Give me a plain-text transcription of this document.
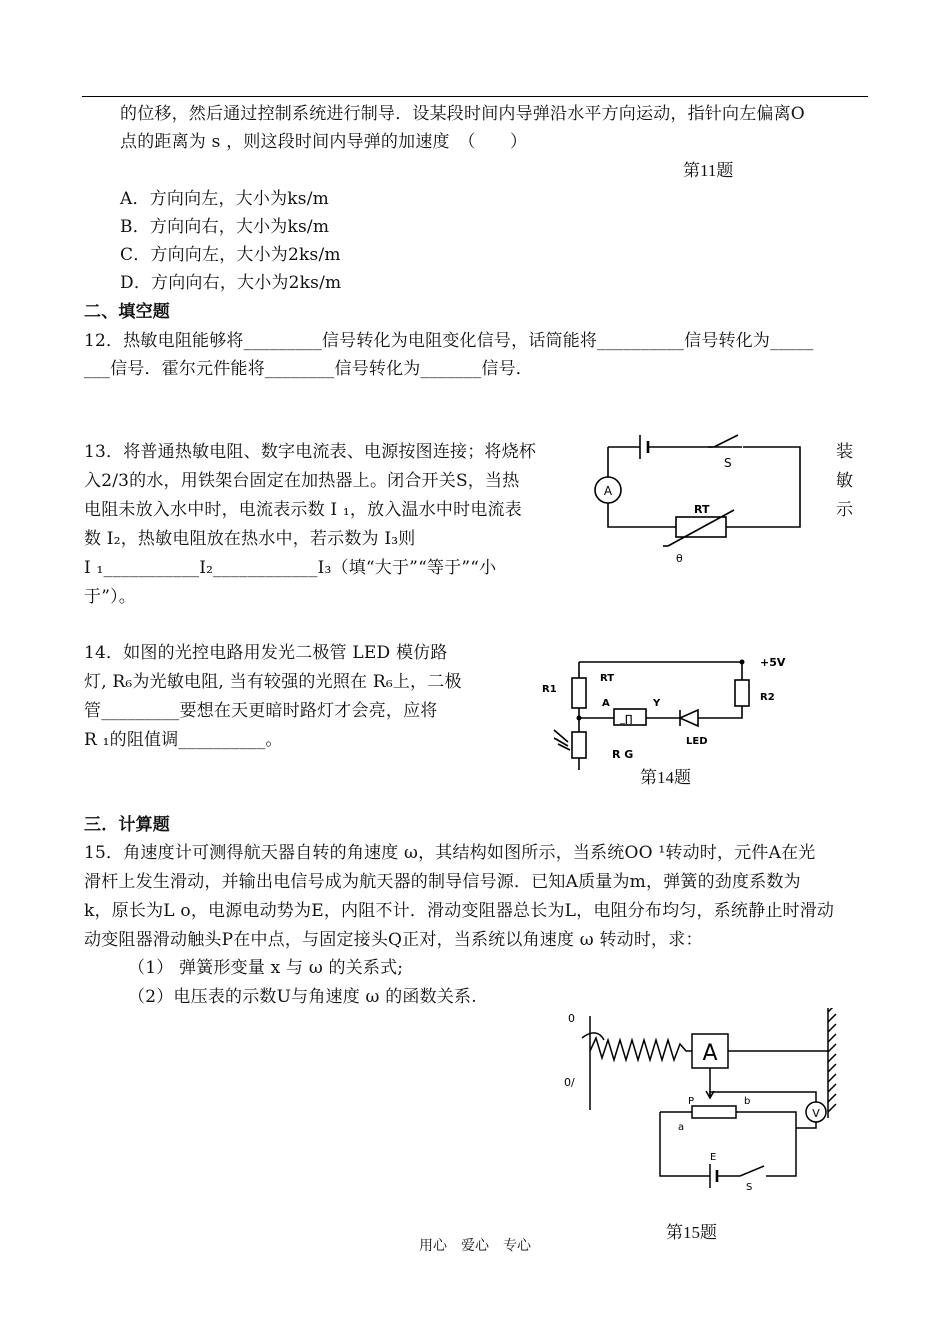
的位移，然后通过控制系统进行制导．设某段时间内导弹沿水平方向运动，指针向左偏离O
点的距离为 s ，则这段时间内导弹的加速度　（　　）
第11题
A．方向向左，大小为ks/m
B．方向向右，大小为ks/m
C．方向向左，大小为2ks/m
D．方向向右，大小为2ks/m
二、填空题
12．热敏电阻能够将_________信号转化为电阻变化信号，话筒能将__________信号转化为_____
___信号．霍尔元件能将________信号转化为_______信号．
13．将普通热敏电阻、数字电流表、电源按图连接；将烧杯
入2/3的水，用铁架台固定在加热器上。闭合开关S，当热
电阻未放入水中时，电流表示数 I ₁，放入温水中时电流表
数 I₂，热敏电阻放在热水中，若示数为 I₃则
I ₁___________I₂____________I₃（填“大于”“等于”“小
于”）。
装
敏
示
A
S
RT
θ
14．如图的光控电路用发光二极管 LED 模仿路
灯, R₆为光敏电阻, 当有较强的光照在 R₆上，二极
管_________要想在天更暗时路灯才会亮，应将
R ₁的阻值调__________。
+5V
R1
RT
R2
A	Y
_∏
LED
R G
第14题
三．计算题
15．角速度计可测得航天器自转的角速度 ω，其结构如图所示，当系统OO ¹转动时，元件A在光
滑杆上发生滑动，并输出电信号成为航天器的制导信号源．已知A质量为m，弹簧的劲度系数为
k，原长为L o，电源电动势为E，内阻不计．滑动变阻器总长为L，电阻分布均匀，系统静止时滑动
动变阻器滑动触头P在中点，与固定接头Q正对，当系统以角速度 ω 转动时，求：
（1） 弹簧形变量 x 与 ω 的关系式;
（2）电压表的示数U与角速度 ω 的函数关系.
V
A
0
0/
P	b
a
E
S
第15题
用心　爱心　专心
